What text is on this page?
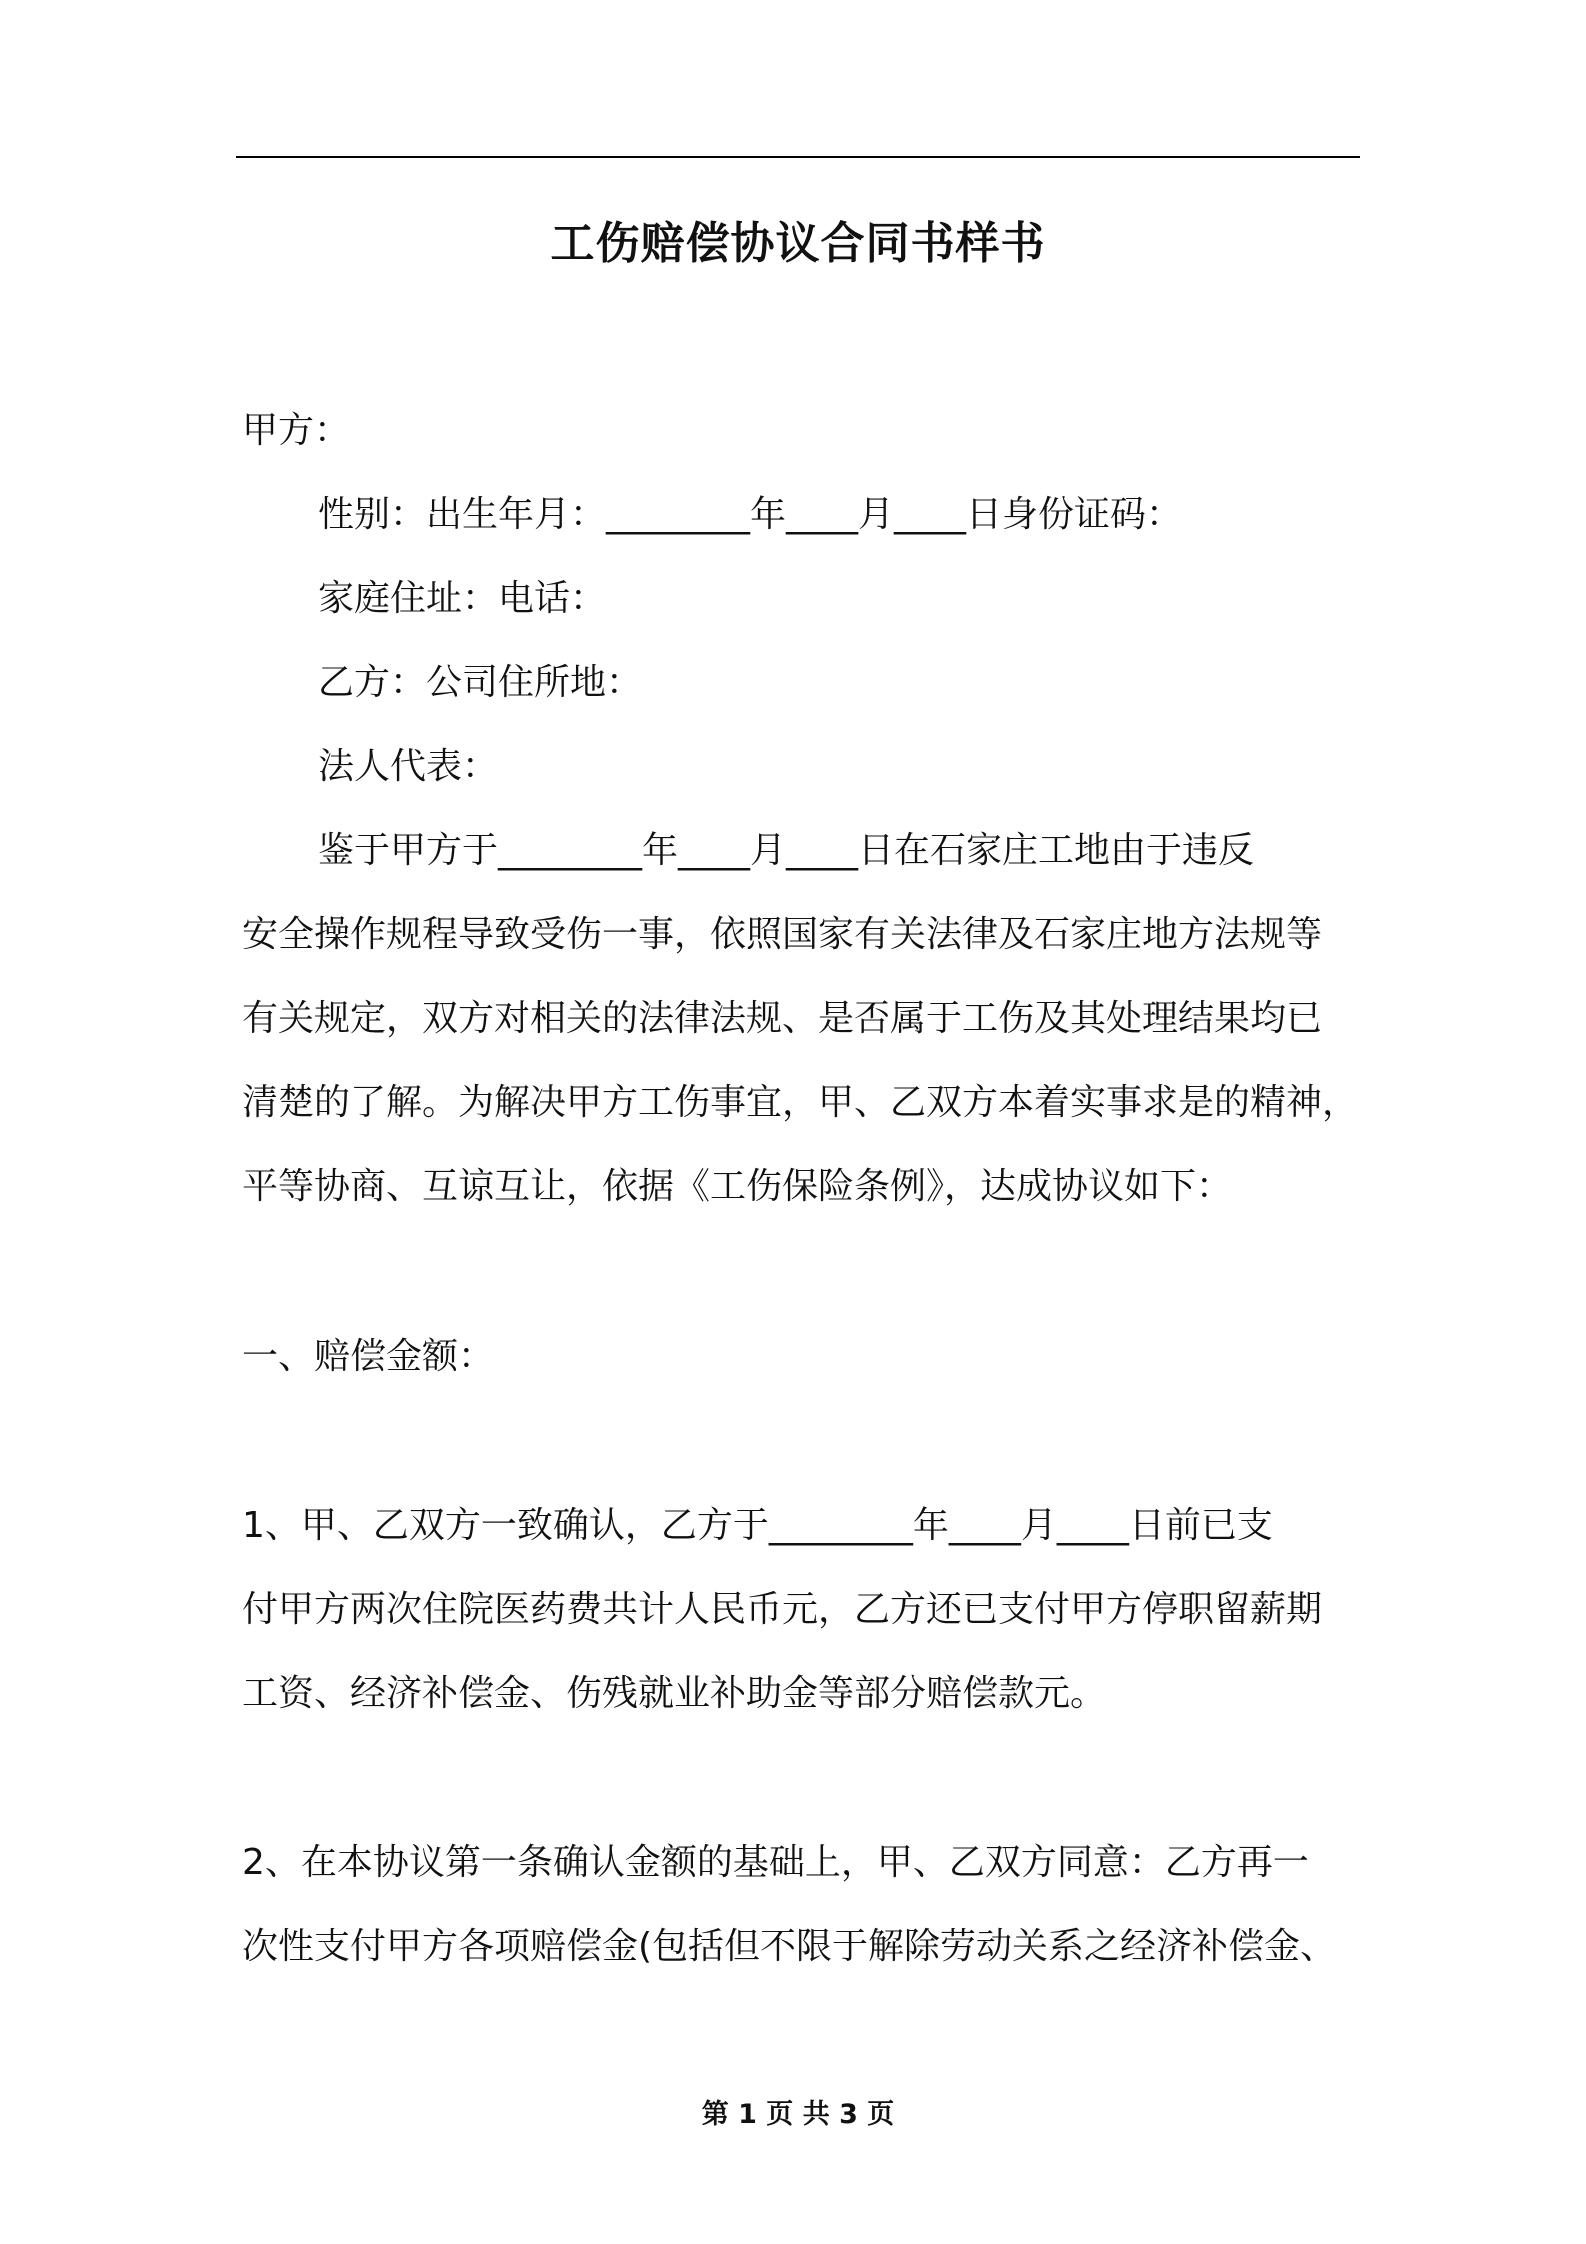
工伤赔偿协议合同书样书
甲方：
性别：出生年月：________年____月____日身份证码：
家庭住址：电话：
乙方：公司住所地：
法人代表：
鉴于甲方于________年____月____日在石家庄工地由于违反
安全操作规程导致受伤一事，依照国家有关法律及石家庄地方法规等
有关规定，双方对相关的法律法规、是否属于工伤及其处理结果均已
清楚的了解。为解决甲方工伤事宜，甲、乙双方本着实事求是的精神，
平等协商、互谅互让，依据《工伤保险条例》，达成协议如下：
一、赔偿金额：
1、甲、乙双方一致确认，乙方于________年____月____日前已支
付甲方两次住院医药费共计人民币元，乙方还已支付甲方停职留薪期
工资、经济补偿金、伤残就业补助金等部分赔偿款元。
2、在本协议第一条确认金额的基础上，甲、乙双方同意：乙方再一
次性支付甲方各项赔偿金(包括但不限于解除劳动关系之经济补偿金、
第 1 页 共 3 页
